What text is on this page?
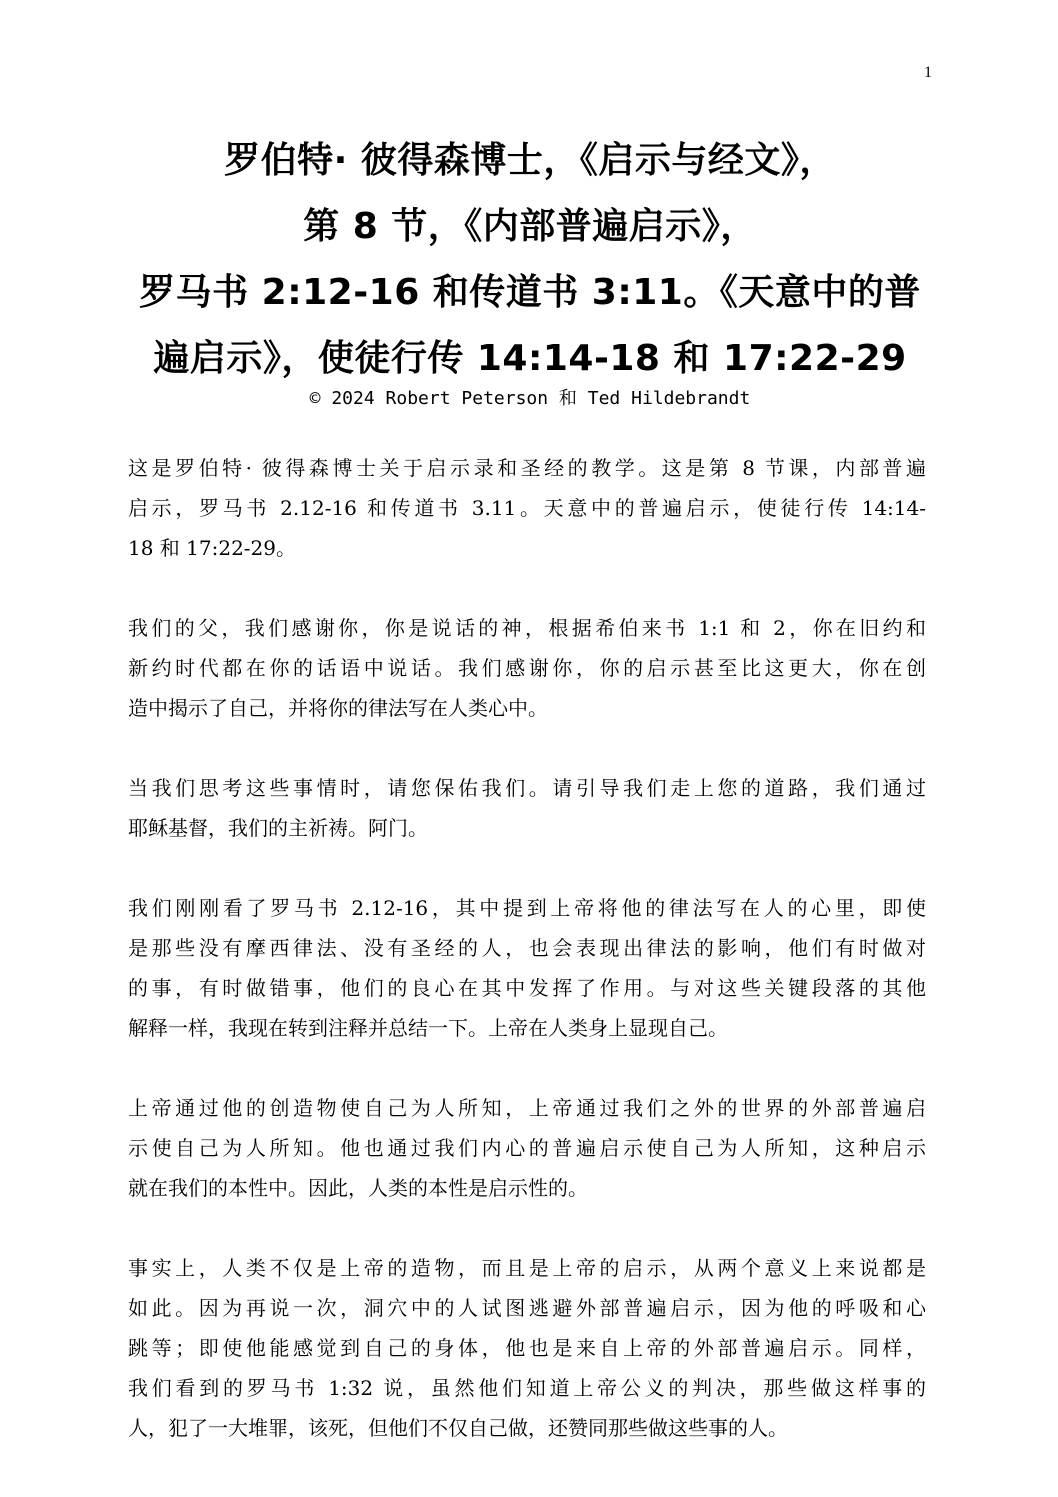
1
罗伯特· 彼得森博士，《启示与经文》，
第 8 节，《内部普遍启示》，
罗马书 2:12-16 和传道书 3:11。《天意中的普
遍启示》，使徒行传 14:14-18 和 17:22-29
© 2024 Robert Peterson 和 Ted Hildebrandt
这是罗伯特· 彼得森博士关于启示录和圣经的教学。这是第 8 节课，内部普遍
启示，罗马书 2.12-16 和传道书 3.11。天意中的普遍启示，使徒行传 14:14-
18 和 17:22-29。
我们的父，我们感谢你，你是说话的神，根据希伯来书 1:1 和 2，你在旧约和
新约时代都在你的话语中说话。我们感谢你，你的启示甚至比这更大，你在创
造中揭示了自己，并将你的律法写在人类心中。
当我们思考这些事情时，请您保佑我们。请引导我们走上您的道路，我们通过
耶稣基督，我们的主祈祷。阿门。
我们刚刚看了罗马书 2.12-16，其中提到上帝将他的律法写在人的心里，即使
是那些没有摩西律法、没有圣经的人，也会表现出律法的影响，他们有时做对
的事，有时做错事，他们的良心在其中发挥了作用。与对这些关键段落的其他
解释一样，我现在转到注释并总结一下。上帝在人类身上显现自己。
上帝通过他的创造物使自己为人所知，上帝通过我们之外的世界的外部普遍启
示使自己为人所知。他也通过我们内心的普遍启示使自己为人所知，这种启示
就在我们的本性中。因此，人类的本性是启示性的。
事实上，人类不仅是上帝的造物，而且是上帝的启示，从两个意义上来说都是
如此。因为再说一次，洞穴中的人试图逃避外部普遍启示，因为他的呼吸和心
跳等；即使他能感觉到自己的身体，他也是来自上帝的外部普遍启示。同样，
我们看到的罗马书 1:32 说，虽然他们知道上帝公义的判决，那些做这样事的
人，犯了一大堆罪，该死，但他们不仅自己做，还赞同那些做这些事的人。
